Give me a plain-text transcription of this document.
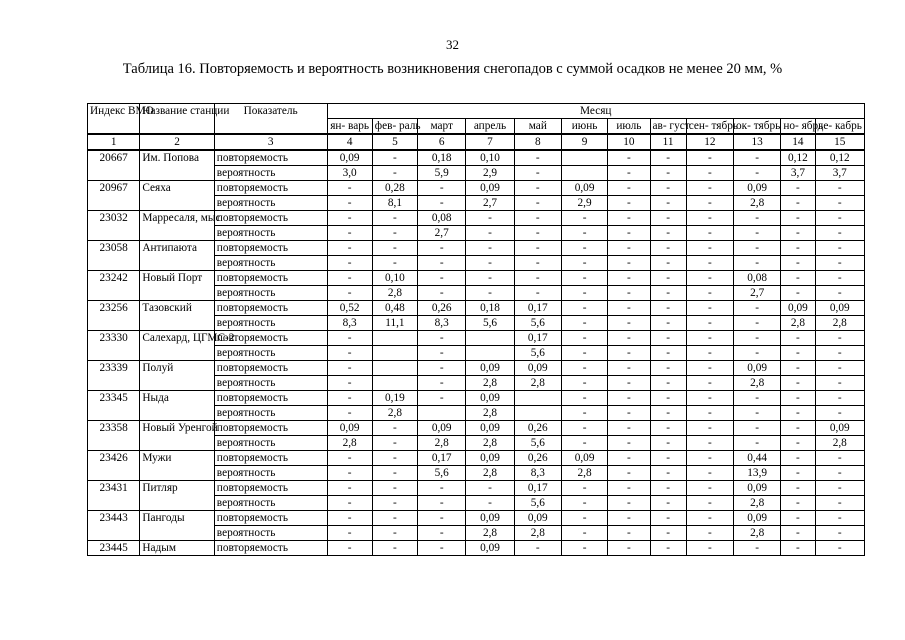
32
Таблица 16. Повторяемость и вероятность возникновения снегопадов с суммой осадков не менее 20 мм, %
Индекс ВМО	Название станции	Показатель	Месяц											
			ян- варь	фев- раль	март	апрель	май	июнь	июль	ав- густ	сен- тябрь	ок- тябрь	но- ябрь	де- кабрь
1	2	3	4	5	6	7	8	9	10	11	12	13	14	15
20667	Им. Попова	повторяемость	0,09	-	0,18	0,10	-		-	-	-	-	0,12	0,12
		вероятность	3,0	-	5,9	2,9	-		-	-	-	-	3,7	3,7
20967	Сеяха	повторяемость	-	0,28	-	0,09	-	0,09	-	-	-	0,09	-	-
		вероятность	-	8,1	-	2,7	-	2,9	-	-	-	2,8	-	-
23032	Марресаля, мыс	повторяемость	-	-	0,08	-	-	-	-	-	-	-	-	-
		вероятность	-	-	2,7	-	-	-	-	-	-	-	-	-
23058	Антипаюта	повторяемость	-	-	-	-	-	-	-	-	-	-	-	-
		вероятность	-	-	-	-	-	-	-	-	-	-	-	-
23242	Новый Порт	повторяемость	-	0,10	-	-	-	-	-	-	-	0,08	-	-
		вероятность	-	2,8	-	-	-	-	-	-	-	2,7	-	-
23256	Тазовский	повторяемость	0,52	0,48	0,26	0,18	0,17	-	-	-	-	-	0,09	0,09
		вероятность	8,3	11,1	8,3	5,6	5,6	-	-	-	-	-	2,8	2,8
23330	Салехард, ЦГМС-2	повторяемость	-		-		0,17	-	-	-	-	-	-	-
		вероятность	-		-		5,6	-	-	-	-	-	-	-
23339	Полуй	повторяемость	-		-	0,09	0,09	-	-	-	-	0,09	-	-
		вероятность	-		-	2,8	2,8	-	-	-	-	2,8	-	-
23345	Ныда	повторяемость	-	0,19	-	0,09		-	-	-	-	-	-	-
		вероятность	-	2,8		2,8		-	-	-	-	-	-	-
23358	Новый Уренгой	повторяемость	0,09	-	0,09	0,09	0,26	-	-	-	-	-	-	0,09
		вероятность	2,8	-	2,8	2,8	5,6	-	-	-	-	-	-	2,8
23426	Мужи	повторяемость	-	-	0,17	0,09	0,26	0,09	-	-	-	0,44	-	-
		вероятность	-	-	5,6	2,8	8,3	2,8	-	-	-	13,9	-	-
23431	Питляр	повторяемость	-	-	-	-	0,17	-	-	-	-	0,09	-	-
		вероятность	-	-	-	-	5,6	-	-	-	-	2,8	-	-
23443	Пангоды	повторяемость	-	-	-	0,09	0,09	-	-	-	-	0,09	-	-
		вероятность	-	-	-	2,8	2,8	-	-	-	-	2,8	-	-
23445	Надым	повторяемость	-	-	-	0,09	-	-	-	-	-	-	-	-
